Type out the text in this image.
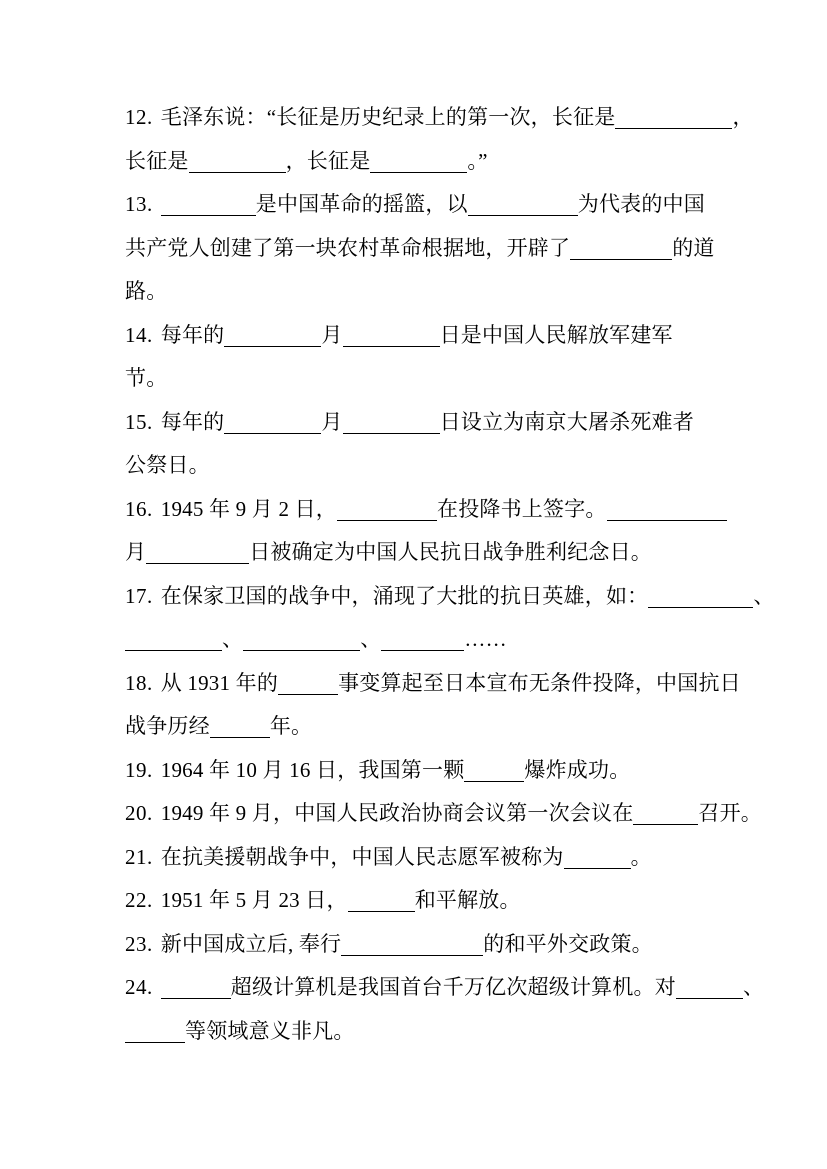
12. 毛泽东说：“长征是历史纪录上的第一次，长征是	，
长征是	，长征是	。”
13.	是中国革命的摇篮，以	为代表的中国
共产党人创建了第一块农村革命根据地，开辟了	的道
路。
14. 每年的	月	日是中国人民解放军建军
节。
15. 每年的	月	日设立为南京大屠杀死难者
公祭日。
16. 1945 年 9 月 2 日，	在投降书上签字。
月	日被确定为中国人民抗日战争胜利纪念日。
17. 在保家卫国的战争中，涌现了大批的抗日英雄，如：	、
、	、	……
18. 从 1931 年的	事变算起至日本宣布无条件投降，中国抗日
战争历经	年。
19. 1964 年 10 月 16 日，我国第一颗	爆炸成功。
20. 1949 年 9 月，中国人民政治协商会议第一次会议在	召开。
21. 在抗美援朝战争中，中国人民志愿军被称为	。
22. 1951 年 5 月 23 日，	和平解放。
23. 新中国成立后, 奉行	的和平外交政策。
24.	超级计算机是我国首台千万亿次超级计算机。对	、
等领域意义非凡。
